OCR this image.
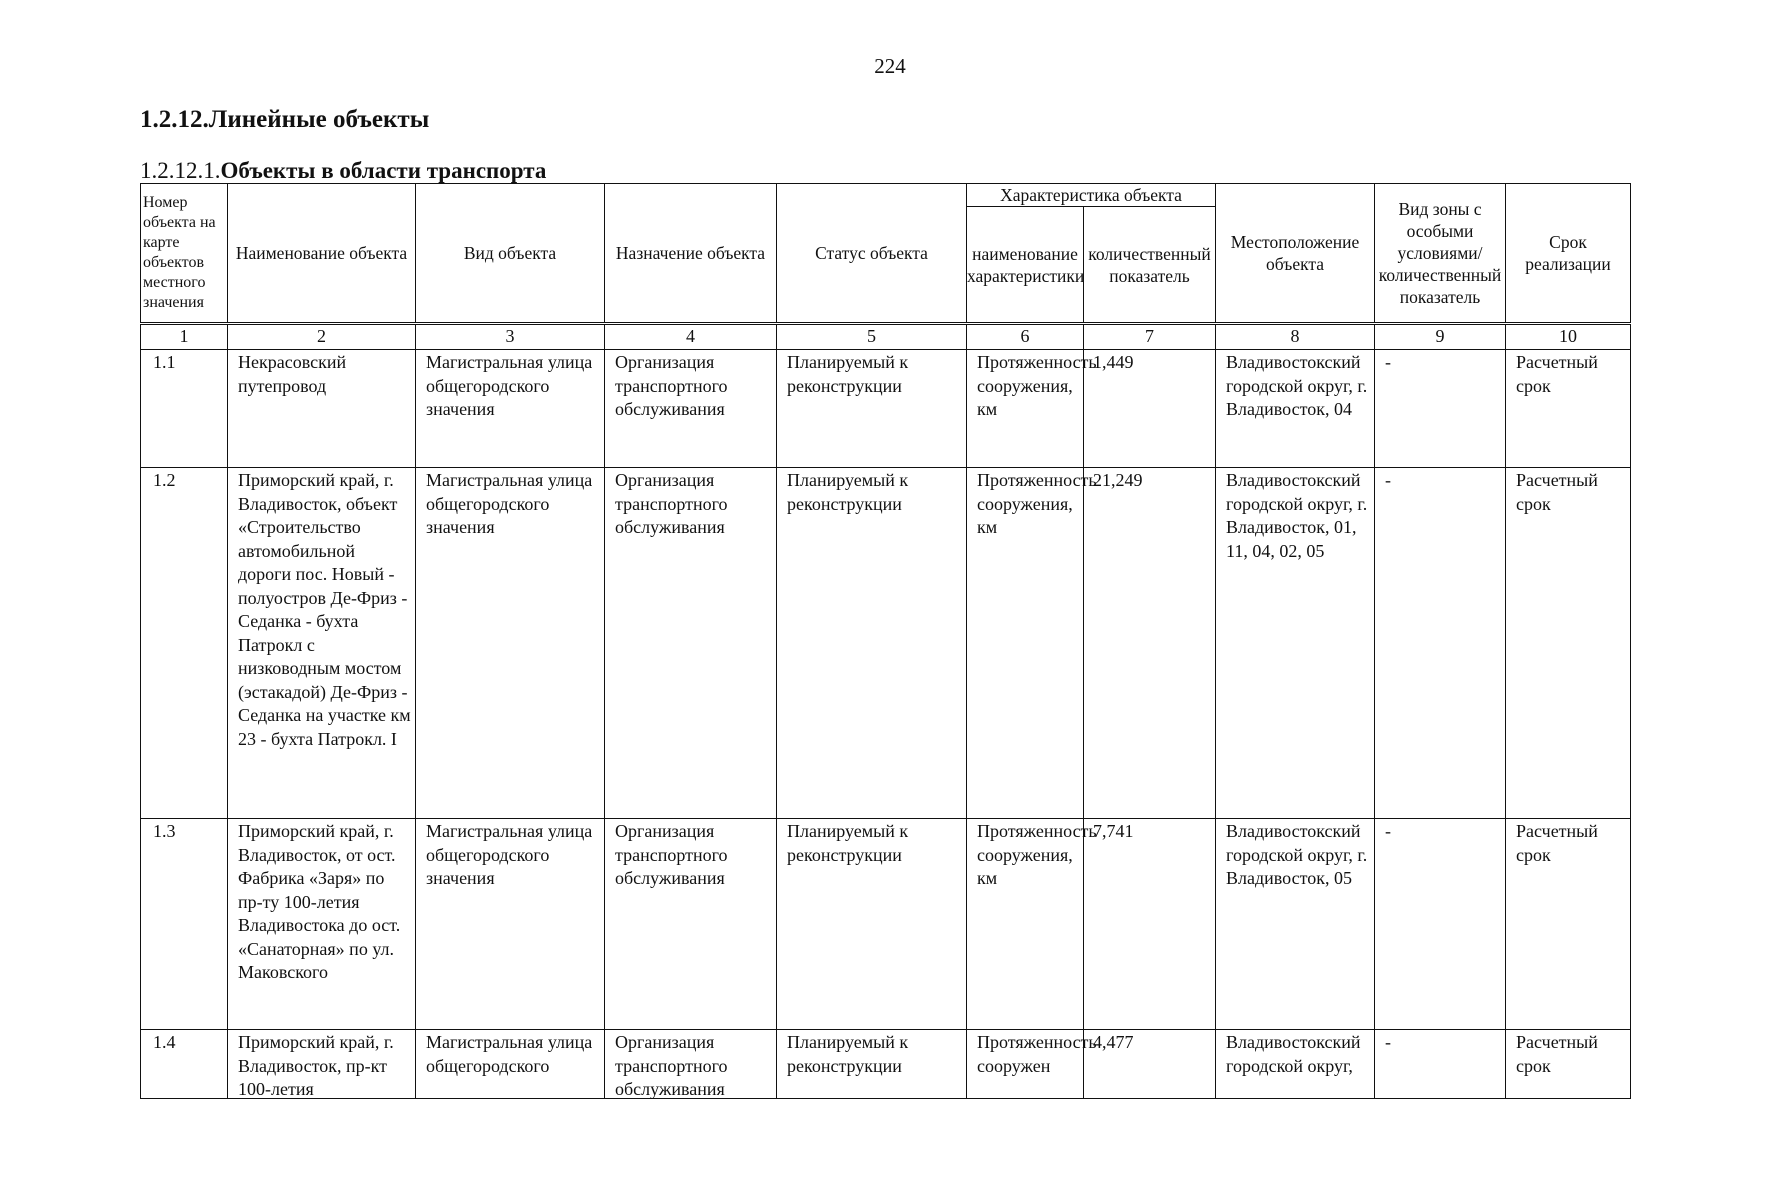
224
1.2.12.Линейные объекты
1.2.12.1.Объекты в области транспорта
Номер объекта на карте объектов местного значения	Наименование объекта	Вид объекта	Назначение объекта	Статус объекта	Характеристика объекта		Местоположение объекта	Вид зоны с особыми условиями/ количественный показатель	Срок реализации
					наименование характеристики	количественный показатель			
1	2	3	4	5	6	7	8	9	10

1.1	Некрасовский путепровод	Магистральная улица общегородского значения	Организация транспортного обслуживания	Планируемый к реконструкции	Протяженность сооружения, км	1,449	Владивостокский городской округ, г. Владивосток, 04	-	Расчетный срок

1.2	Приморский край, г. Владивосток, объект «Строительство автомобильной дороги пос. Новый - полуостров Де-Фриз - Седанка - бухта Патрокл с низководным мостом (эстакадой) Де-Фриз - Седанка на участке км 23 - бухта Патрокл. I	Магистральная улица общегородского значения	Организация транспортного обслуживания	Планируемый к реконструкции	Протяженность сооружения, км	21,249	Владивостокский городской округ, г. Владивосток, 01, 11, 04, 02, 05	-	Расчетный срок

1.3	Приморский край, г. Владивосток, от ост. Фабрика «Заря» по пр-ту 100-летия Владивостока до ост. «Санаторная» по ул. Маковского	Магистральная улица общегородского значения	Организация транспортного обслуживания	Планируемый к реконструкции	Протяженность сооружения, км	7,741	Владивостокский городской округ, г. Владивосток, 05	-	Расчетный срок

1.4	Приморский край, г. Владивосток, пр-кт 100-летия	Магистральная улица общегородского	Организация транспортного обслуживания	Планируемый к реконструкции	Протяженность сооружен	4,477	Владивостокский городской округ,	-	Расчетный срок
